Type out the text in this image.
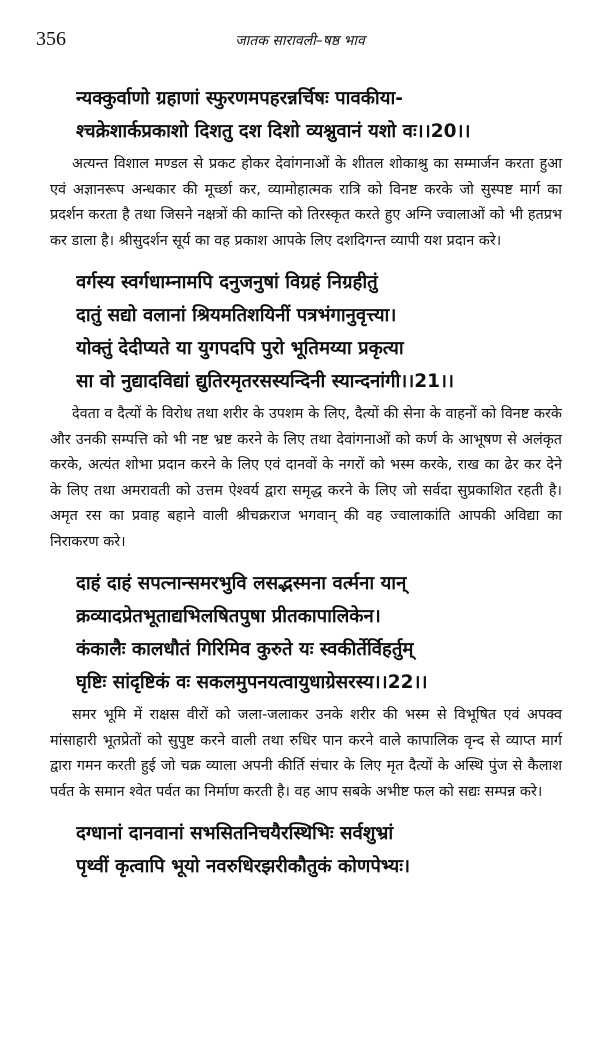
356	जातक सारावली–षष्ठ भाव
न्यक्कुर्वाणो ग्रहाणां स्फुरणमपहरन्नर्चिषः पावकीया-
श्चक्रेशार्कप्रकाशो दिशतु दश दिशो व्यश्नुवानं यशो वः।।20।।

अत्यन्त विशाल मण्डल से प्रकट होकर देवांगनाओं के शीतल शोकाश्रु का सम्मार्जन करता हुआ एवं अज्ञानरूप अन्धकार की मूर्च्छा कर, व्यामोहात्मक रात्रि को विनष्ट करके जो सुस्पष्ट मार्ग का प्रदर्शन करता है तथा जिसने नक्षत्रों की कान्ति को तिरस्कृत करते हुए अग्नि ज्वालाओं को भी हतप्रभ कर डाला है। श्रीसुदर्शन सूर्य का वह प्रकाश आपके लिए दशदिगन्त व्यापी यश प्रदान करे।

वर्गस्य स्वर्गधाम्नामपि दनुजनुषां विग्रहं निग्रहीतुं
दातुं सद्यो वलानां श्रियमतिशयिनीं पत्रभंगानुवृत्त्या।
योक्तुं देदीप्यते या युगपदपि पुरो भूतिमय्या प्रकृत्या
सा वो नुद्यादविद्यां द्युतिरमृतरसस्यन्दिनी स्यान्दनांगी।।21।।

देवता व दैत्यों के विरोध तथा शरीर के उपशम के लिए, दैत्यों की सेना के वाहनों को विनष्ट करके और उनकी सम्पत्ति को भी नष्ट भ्रष्ट करने के लिए तथा देवांगनाओं को कर्ण के आभूषण से अलंकृत करके, अत्यंत शोभा प्रदान करने के लिए एवं दानवों के नगरों को भस्म करके, राख का ढेर कर देने के लिए तथा अमरावती को उत्तम ऐश्वर्य द्वारा समृद्ध करने के लिए जो सर्वदा सुप्रकाशित रहती है। अमृत रस का प्रवाह बहाने वाली श्रीचक्रराज भगवान् की वह ज्वालाकांति आपकी अविद्या का निराकरण करे।

दाहं दाहं सपत्नान्समरभुवि लसद्भस्मना वर्त्मना यान्
क्रव्यादप्रेतभूताद्यभिलषितपुषा प्रीतकापालिकेन।
कंकालैः कालधौतं गिरिमिव कुरुते यः स्वकीर्तेर्विहर्तुम्
घृष्टिः सांदृष्टिकं वः सकलमुपनयत्वायुधाग्रेसरस्य।।22।।

समर भूमि में राक्षस वीरों को जला-जलाकर उनके शरीर की भस्म से विभूषित एवं अपक्व मांसाहारी भूतप्रेतों को सुपुष्ट करने वाली तथा रुधिर पान करने वाले कापालिक वृन्द से व्याप्त मार्ग द्वारा गमन करती हुई जो चक्र व्याला अपनी कीर्ति संचार के लिए मृत दैत्यों के अस्थि पुंज से कैलाश पर्वत के समान श्वेत पर्वत का निर्माण करती है। वह आप सबके अभीष्ट फल को सद्यः सम्पन्न करे।

दग्धानां दानवानां सभसितनिचयैरस्थिभिः सर्वशुभ्रां
पृथ्वीं कृत्वापि भूयो नवरुधिरझरीकौतुकं कोणपेभ्यः।
